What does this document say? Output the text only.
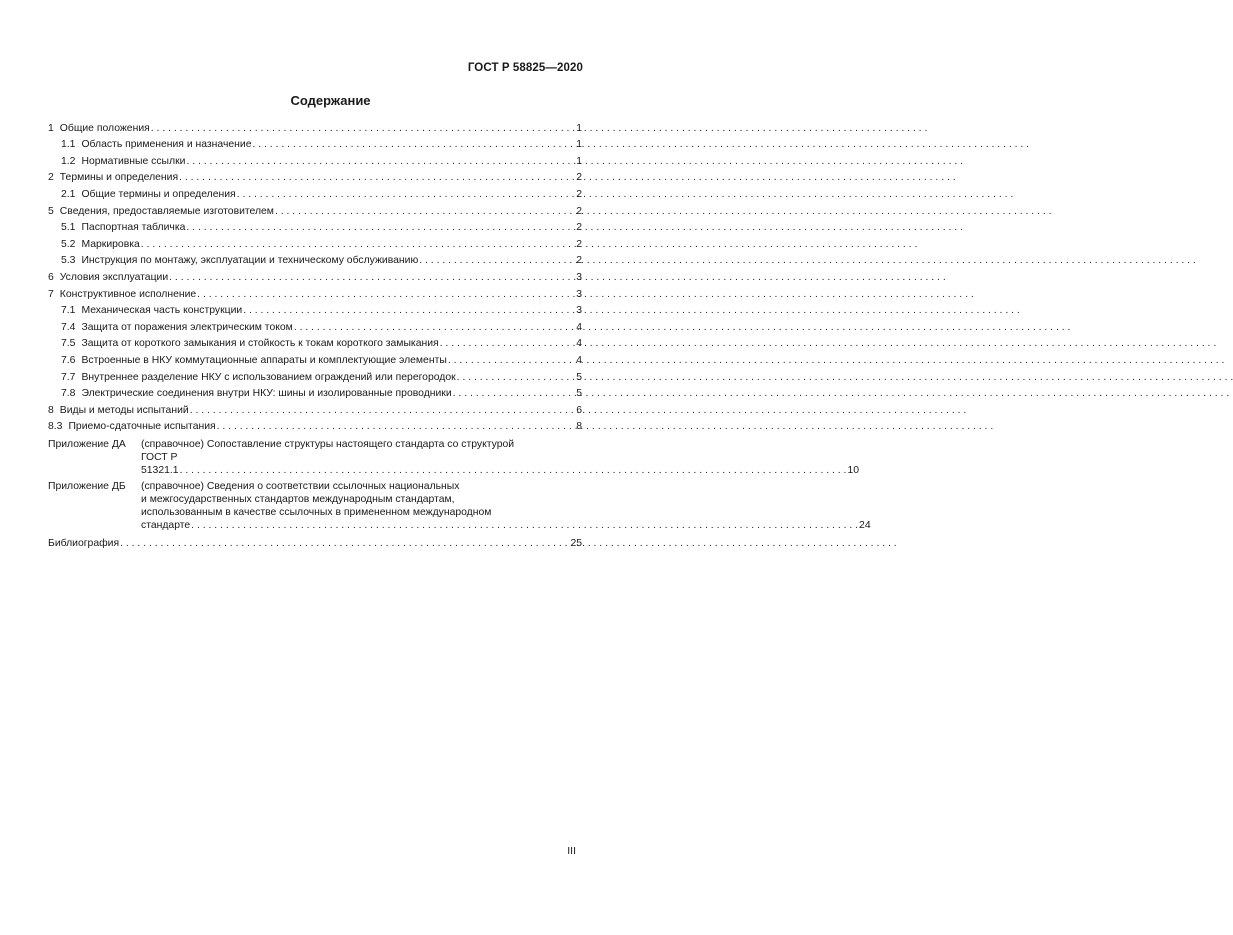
ГОСТ Р 58825—2020
Содержание
1 Общие положения . . .	1
1.1 Область применения и назначение . . .	1
1.2 Нормативные ссылки . . .	1
2 Термины и определения . . .	2
2.1 Общие термины и определения . . .	2
5 Сведения, предоставляемые изготовителем . . .	2
5.1 Паспортная табличка . . .	2
5.2 Маркировка . . .	2
5.3 Инструкция по монтажу, эксплуатации и техническому обслуживанию . . .	2
6 Условия эксплуатации . . .	3
7 Конструктивное исполнение . . .	3
7.1 Механическая часть конструкции . . .	3
7.4 Защита от поражения электрическим током . . .	4
7.5 Защита от короткого замыкания и стойкость к токам короткого замыкания . . .	4
7.6 Встроенные в НКУ коммутационные аппараты и комплектующие элементы . . .	4
7.7 Внутреннее разделение НКУ с использованием ограждений или перегородок . . .	5
7.8 Электрические соединения внутри НКУ: шины и изолированные проводники . . .	5
8 Виды и методы испытаний . . .	6
8.3 Приемо-сдаточные испытания . . .	8
Приложение ДА	(справочное) Сопоставление структуры настоящего стандарта со структурой
ГОСТ Р 51321.1 . . .	10
Приложение ДБ	(справочное) Сведения о соответствии ссылочных национальных
и межгосударственных стандартов международным стандартам,
использованным в качестве ссылочных в примененном международном
стандарте . . .	24
Библиография . . .	25
III
